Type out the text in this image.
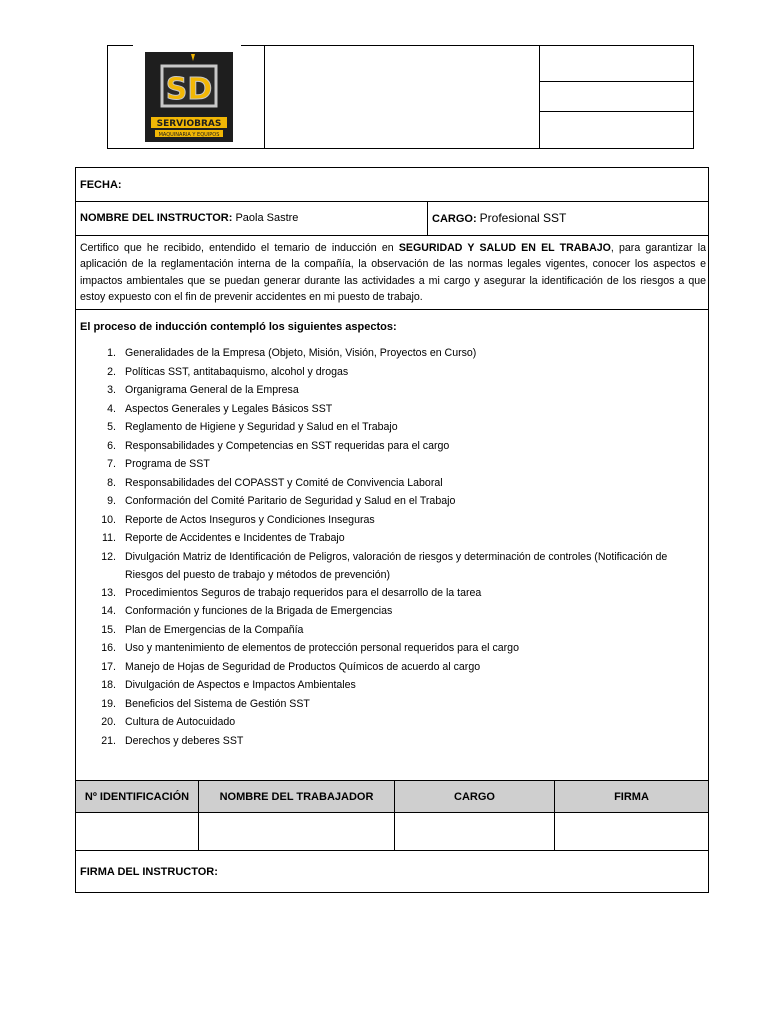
SD
SERVIOBRAS
MAQUINARIA Y EQUIPOS
FECHA:
NOMBRE DEL INSTRUCTOR: Paola Sastre	CARGO: Profesional SST

Certifico que he recibido, entendido el temario de inducción en SEGURIDAD Y SALUD EN EL TRABAJO, para garantizar la aplicación de la reglamentación interna de la compañía, la observación de las normas legales vigentes, conocer los aspectos e impactos ambientales que se puedan generar durante las actividades a mi cargo y asegurar la identificación de los riesgos a que estoy expuesto con el fin de prevenir accidentes en mi puesto de trabajo.

El proceso de inducción contempló los siguientes aspectos:
1. Generalidades de la Empresa (Objeto, Misión, Visión, Proyectos en Curso)
2. Políticas SST, antitabaquismo, alcohol y drogas
3. Organigrama General de la Empresa
4. Aspectos Generales y Legales Básicos SST
5. Reglamento de Higiene y Seguridad y Salud en el Trabajo
6. Responsabilidades y Competencias en SST requeridas para el cargo
7. Programa de SST
8. Responsabilidades del COPASST y Comité de Convivencia Laboral
9. Conformación del Comité Paritario de Seguridad y Salud en el Trabajo
10. Reporte de Actos Inseguros y Condiciones Inseguras
11. Reporte de Accidentes e Incidentes de Trabajo
12. Divulgación Matriz de Identificación de Peligros, valoración de riesgos y determinación de controles (Notificación de Riesgos del puesto de trabajo y métodos de prevención)
13. Procedimientos Seguros de trabajo requeridos para el desarrollo de la tarea
14. Conformación y funciones de la Brigada de Emergencias
15. Plan de Emergencias de la Compañía
16. Uso y mantenimiento de elementos de protección personal requeridos para el cargo
17. Manejo de Hojas de Seguridad de Productos Químicos de acuerdo al cargo
18. Divulgación de Aspectos e Impactos Ambientales
19. Beneficios del Sistema de Gestión SST
20. Cultura de Autocuidado
21. Derechos y deberes SST
Nº IDENTIFICACIÓN	NOMBRE DEL TRABAJADOR	CARGO	FIRMA
FIRMA DEL INSTRUCTOR:
